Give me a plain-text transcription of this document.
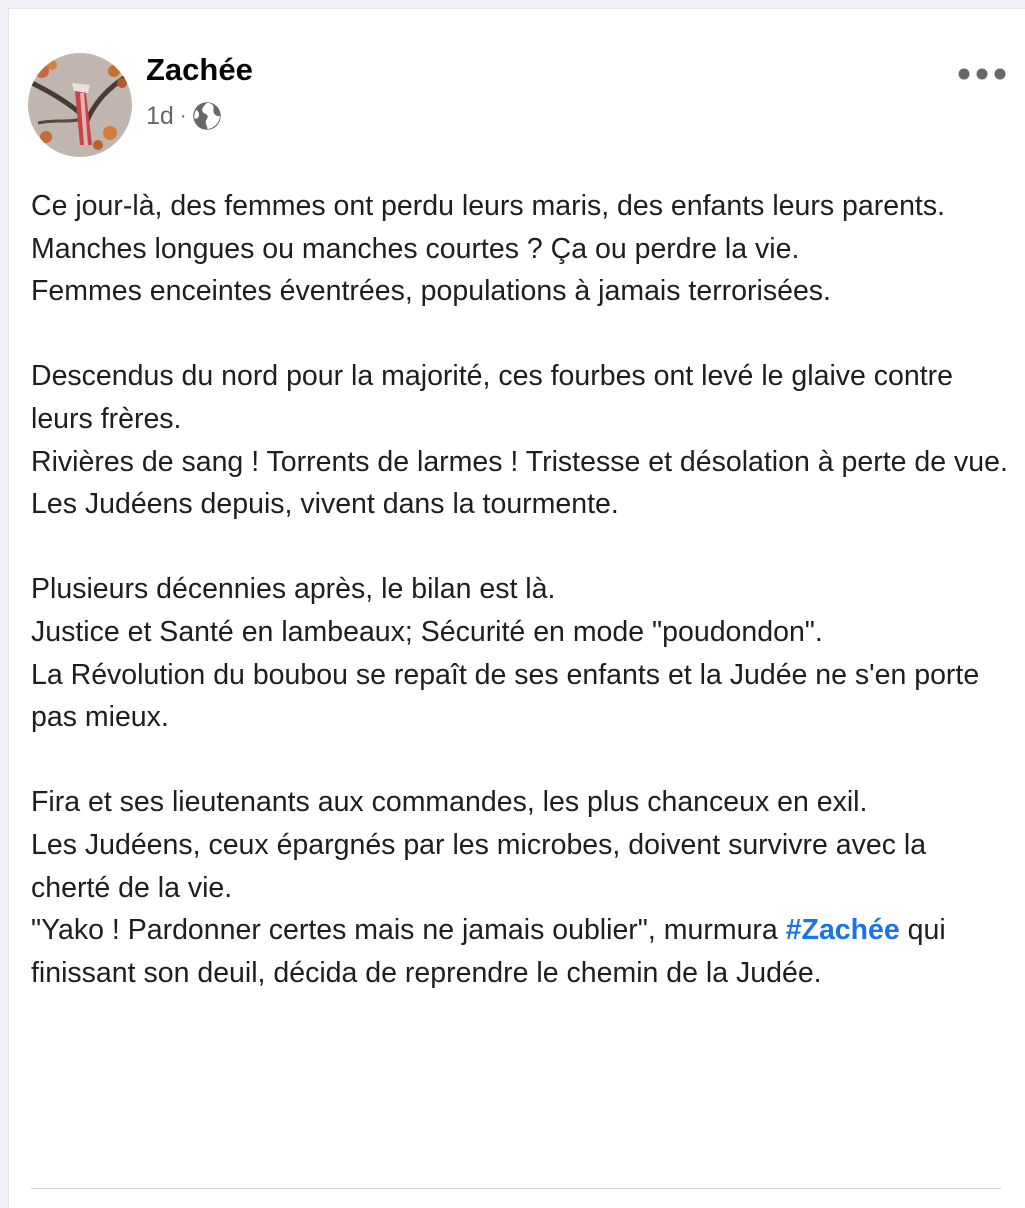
Zachée
1d ·

Ce jour-là, des femmes ont perdu leurs maris, des enfants leurs parents.
Manches longues ou manches courtes ? Ça ou perdre la vie.
Femmes enceintes éventrées, populations à jamais terrorisées.

Descendus du nord pour la majorité, ces fourbes ont levé le glaive contre leurs frères.
Rivières de sang ! Torrents de larmes ! Tristesse et désolation à perte de vue.
Les Judéens depuis, vivent dans la tourmente.

Plusieurs décennies après, le bilan est là.
Justice et Santé en lambeaux; Sécurité en mode "poudondon".
La Révolution du boubou se repaît de ses enfants et la Judée ne s'en porte pas mieux.

Fira et ses lieutenants aux commandes, les plus chanceux en exil.
Les Judéens, ceux épargnés par les microbes, doivent survivre avec la cherté de la vie.
"Yako ! Pardonner certes mais ne jamais oublier", murmura #Zachée qui finissant son deuil, décida de reprendre le chemin de la Judée.
